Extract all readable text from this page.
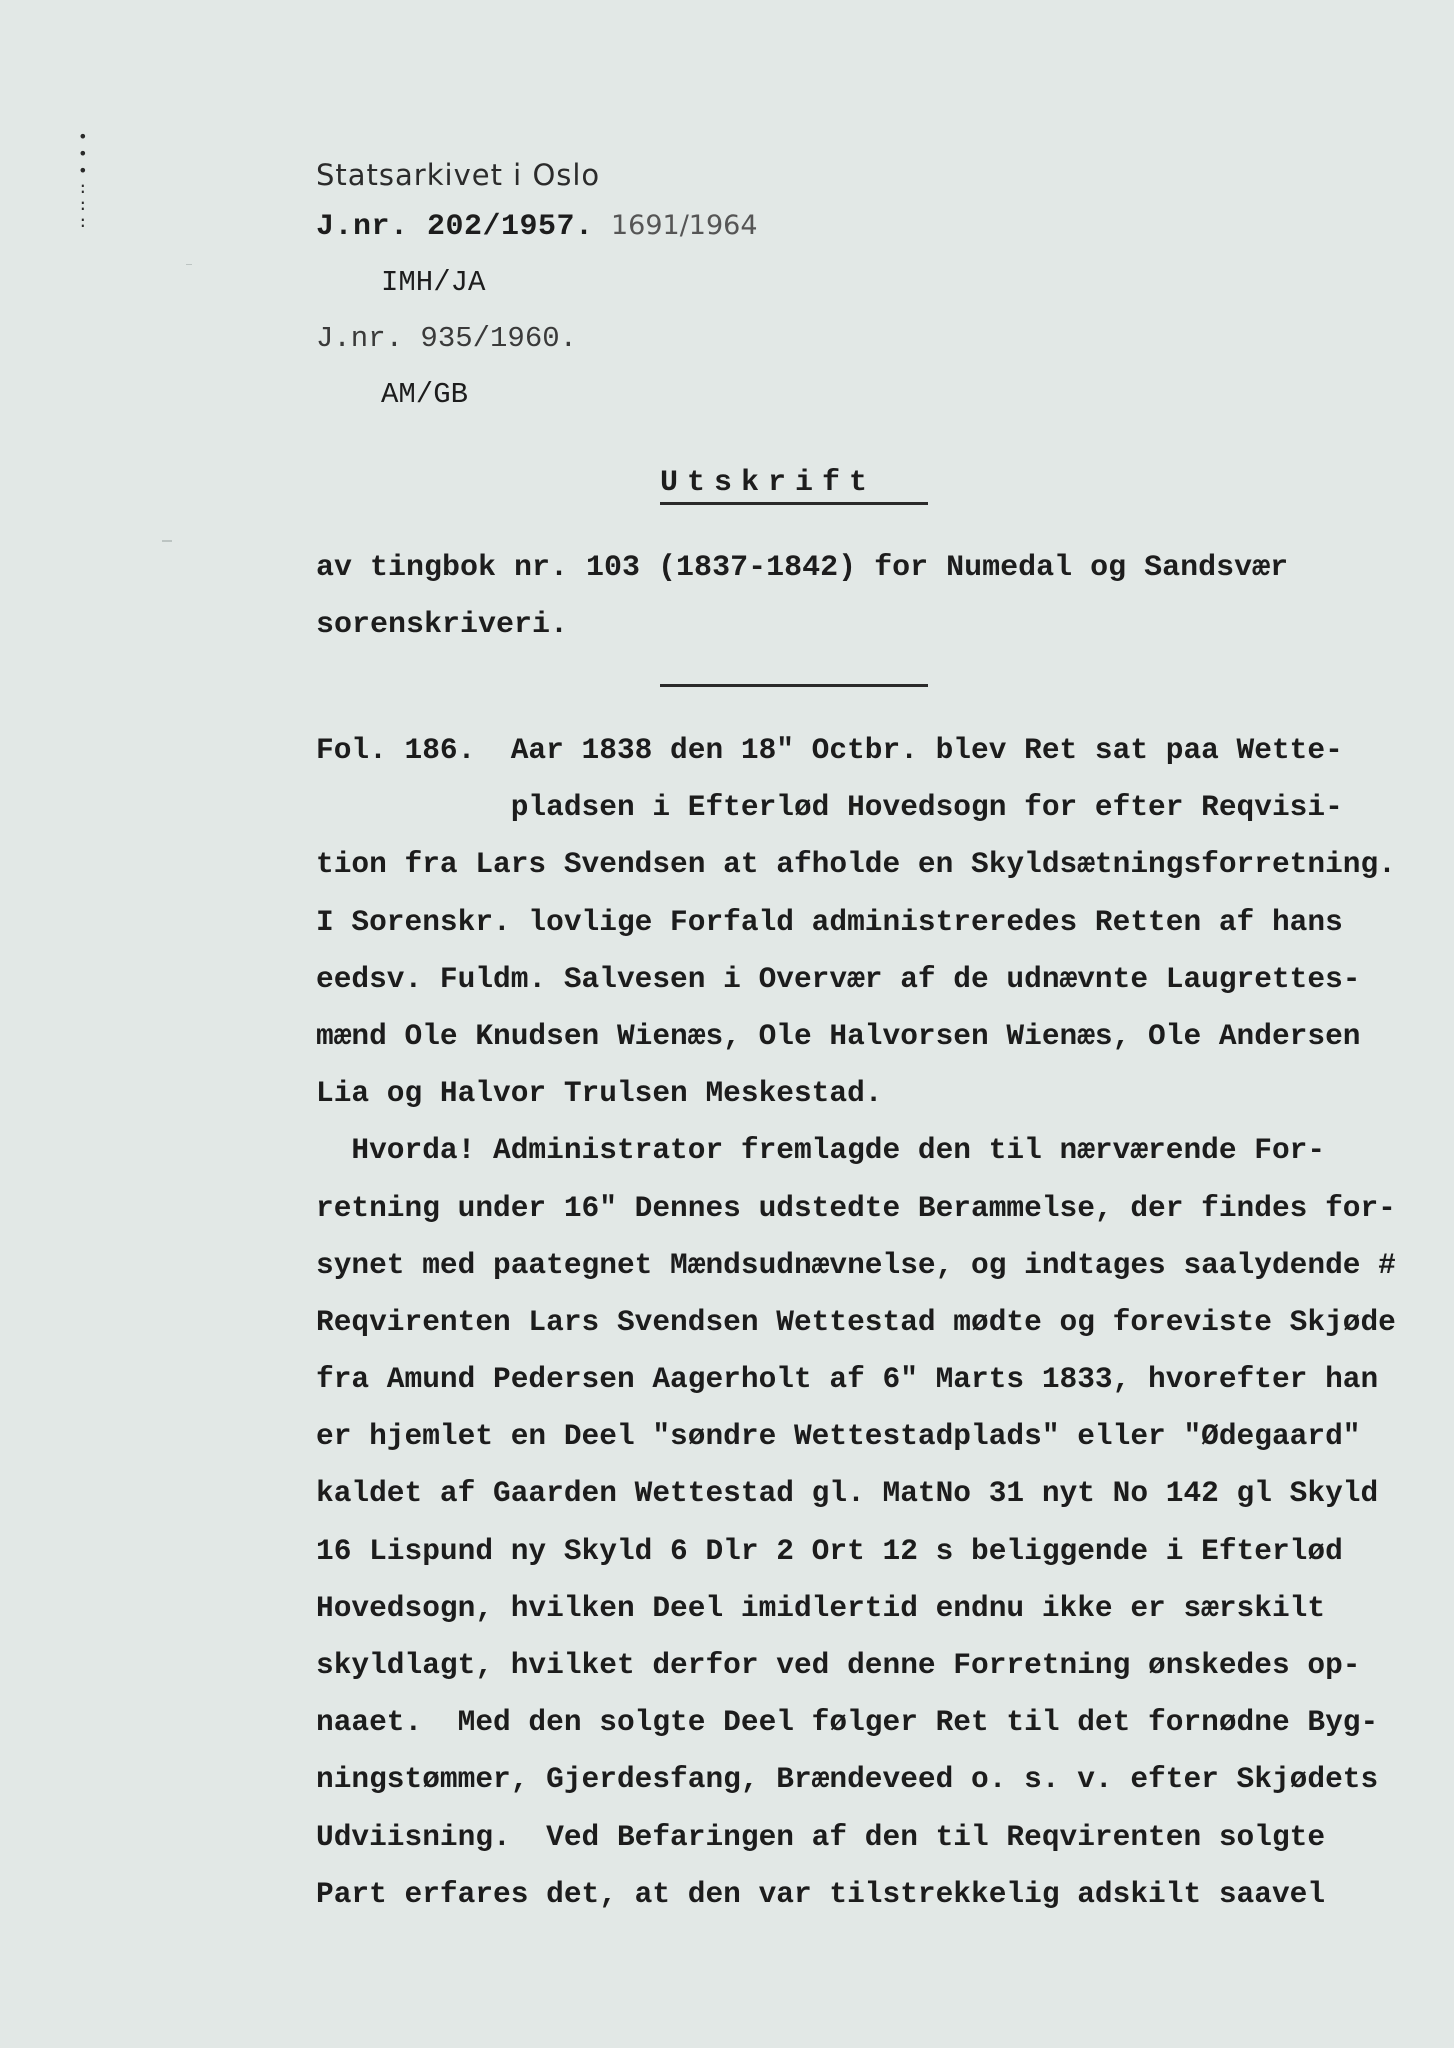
•
•
•
:
:
:
Statsarkivet i Oslo
J.nr. 202/1957. 1691/1964
IMH/JA
J.nr. 935/1960.
AM/GB
Utskrift
av tingbok nr. 103 (1837-1842) for Numedal og Sandsvær
sorenskriveri.
Fol. 186.  Aar 1838 den 18" Octbr. blev Ret sat paa Wette-
pladsen i Efterlød Hovedsogn for efter Reqvisi-
tion fra Lars Svendsen at afholde en Skyldsætningsforretning.
I Sorenskr. lovlige Forfald administreredes Retten af hans
eedsv. Fuldm. Salvesen i Overvær af de udnævnte Laugrettes-
mænd Ole Knudsen Wienæs, Ole Halvorsen Wienæs, Ole Andersen
Lia og Halvor Trulsen Meskestad.
Hvorda! Administrator fremlagde den til nærværende For-
retning under 16" Dennes udstedte Berammelse, der findes for-
synet med paategnet Mændsudnævnelse, og indtages saalydende #
Reqvirenten Lars Svendsen Wettestad mødte og foreviste Skjøde
fra Amund Pedersen Aagerholt af 6" Marts 1833, hvorefter han
er hjemlet en Deel "søndre Wettestadplads" eller "Ødegaard"
kaldet af Gaarden Wettestad gl. MatNo 31 nyt No 142 gl Skyld
16 Lispund ny Skyld 6 Dlr 2 Ort 12 s beliggende i Efterlød
Hovedsogn, hvilken Deel imidlertid endnu ikke er særskilt
skyldlagt, hvilket derfor ved denne Forretning ønskedes op-
naaet.  Med den solgte Deel følger Ret til det fornødne Byg-
ningstømmer, Gjerdesfang, Brændeveed o. s. v. efter Skjødets
Udviisning.  Ved Befaringen af den til Reqvirenten solgte
Part erfares det, at den var tilstrekkelig adskilt saavel
